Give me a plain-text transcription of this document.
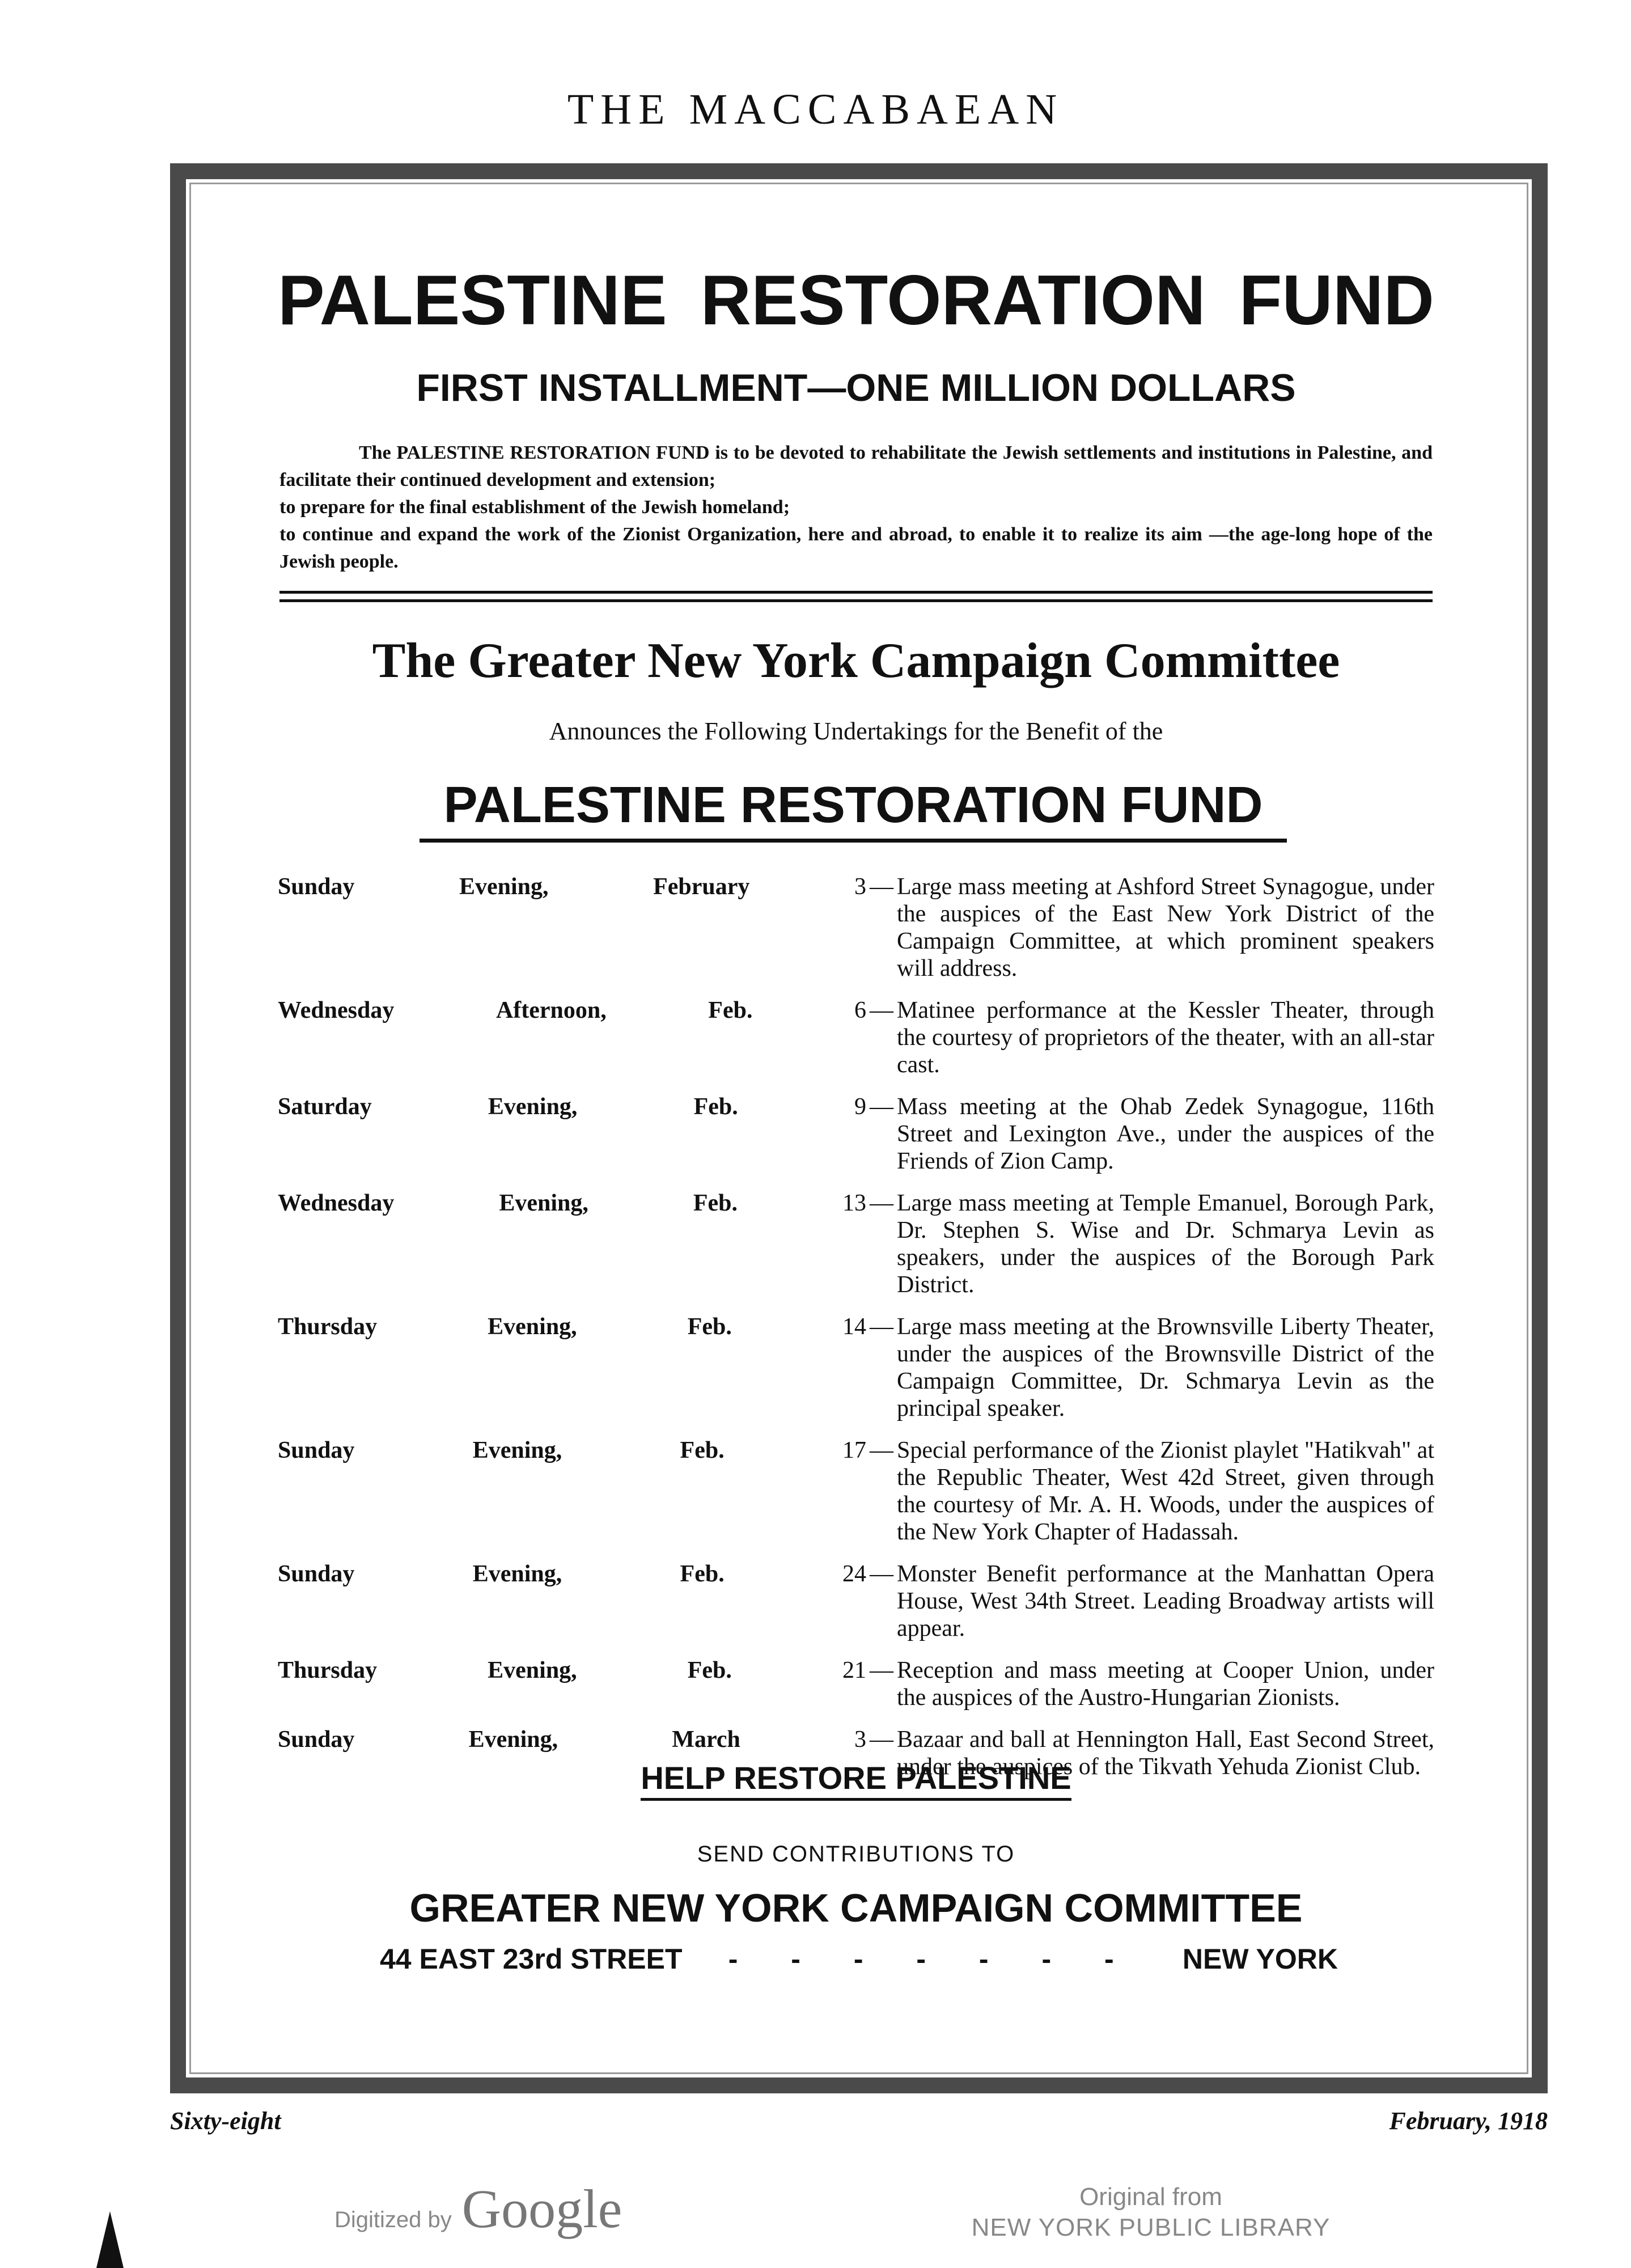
THE MACCABAEAN
PALESTINE RESTORATION FUND
FIRST INSTALLMENT—ONE MILLION DOLLARS

The PALESTINE RESTORATION FUND is to be devoted to rehabilitate the Jewish settlements and institutions in Palestine, and facilitate their continued development and extension;

to prepare for the final establishment of the Jewish homeland;

to continue and expand the work of the Zionist Organization, here and abroad, to enable it to realize its aim —the age-long hope of the Jewish people.

The Greater New York Campaign Committee
Announces the Following Undertakings for the Benefit of the
PALESTINE RESTORATION FUND
Sunday	Evening,	February	3 — Large mass meeting at Ashford Street Synagogue, under the auspices of the East New York District of the Campaign Committee, at which prominent speakers will address.
Wednesday	Afternoon,	Feb.	6 — Matinee performance at the Kessler Theater, through the courtesy of proprietors of the theater, with an all-star cast.
Saturday	Evening,	Feb.	9 — Mass meeting at the Ohab Zedek Synagogue, 116th Street and Lexington Ave., under the auspices of the Friends of Zion Camp.
Wednesday	Evening,	Feb.	13 — Large mass meeting at Temple Emanuel, Borough Park, Dr. Stephen S. Wise and Dr. Schmarya Levin as speakers, under the auspices of the Borough Park District.
Thursday	Evening,	Feb.	14 — Large mass meeting at the Brownsville Liberty Theater, under the auspices of the Brownsville District of the Campaign Committee, Dr. Schmarya Levin as the principal speaker.
Sunday	Evening,	Feb.	17 — Special performance of the Zionist playlet "Hatikvah" at the Republic Theater, West 42d Street, given through the courtesy of Mr. A. H. Woods, under the auspices of the New York Chapter of Hadassah.
Sunday	Evening,	Feb.	24 — Monster Benefit performance at the Manhattan Opera House, West 34th Street. Leading Broadway artists will appear.
Thursday	Evening,	Feb.	21 — Reception and mass meeting at Cooper Union, under the auspices of the Austro-Hungarian Zionists.
Sunday	Evening,	March	3 — Bazaar and ball at Hennington Hall, East Second Street, under the auspices of the Tikvath Yehuda Zionist Club.
HELP RESTORE PALESTINE
SEND CONTRIBUTIONS TO
GREATER NEW YORK CAMPAIGN COMMITTEE
44 EAST 23rd STREET - - - - - - - NEW YORK
Sixty-eight	February, 1918
Digitized by Google	Original from
NEW YORK PUBLIC LIBRARY
